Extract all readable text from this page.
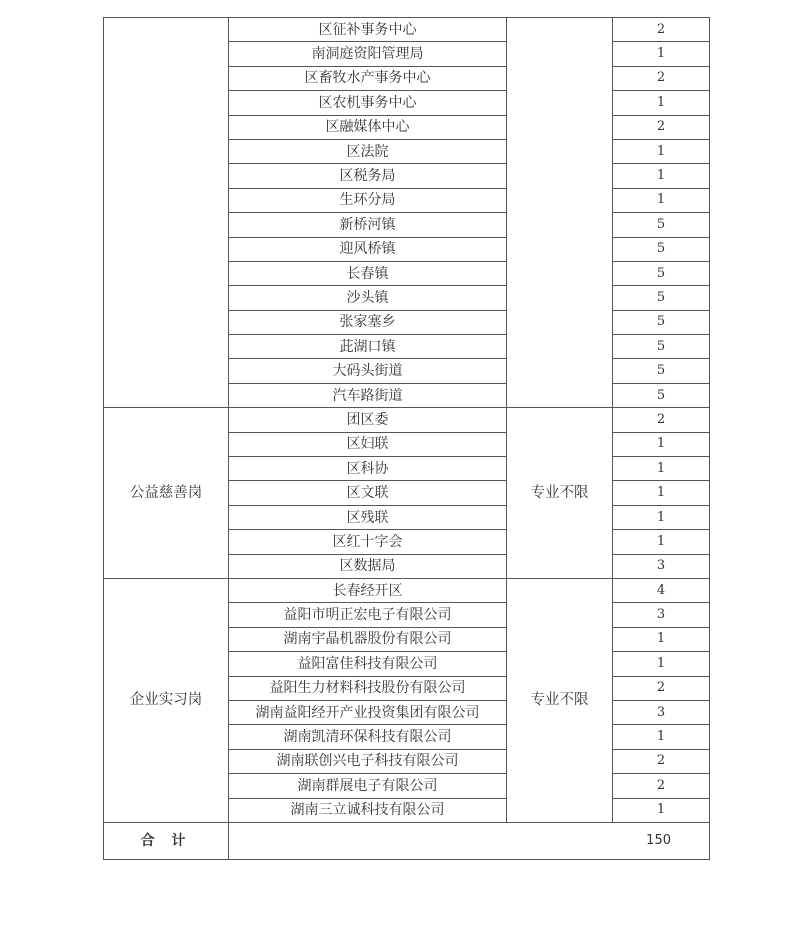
	区征补事务中心		2
	南洞庭资阳管理局		1
	区畜牧水产事务中心		2
	区农机事务中心		1
	区融媒体中心		2
	区法院		1
	区税务局		1
	生环分局		1
	新桥河镇		5
	迎风桥镇		5
	长春镇		5
	沙头镇		5
	张家塞乡		5
	茈湖口镇		5
	大码头街道		5
	汽车路街道		5
公益慈善岗	团区委	专业不限	2
	区妇联		1
	区科协		1
	区文联		1
	区残联		1
	区红十字会		1
	区数据局		3
企业实习岗	长春经开区	专业不限	4
	益阳市明正宏电子有限公司		3
	湖南宇晶机器股份有限公司		1
	益阳富佳科技有限公司		1
	益阳生力材料科技股份有限公司		2
	湖南益阳经开产业投资集团有限公司		3
	湖南凯清环保科技有限公司		1
	湖南联创兴电子科技有限公司		2
	湖南群展电子有限公司		2
	湖南三立诚科技有限公司		1
合 计	150		
